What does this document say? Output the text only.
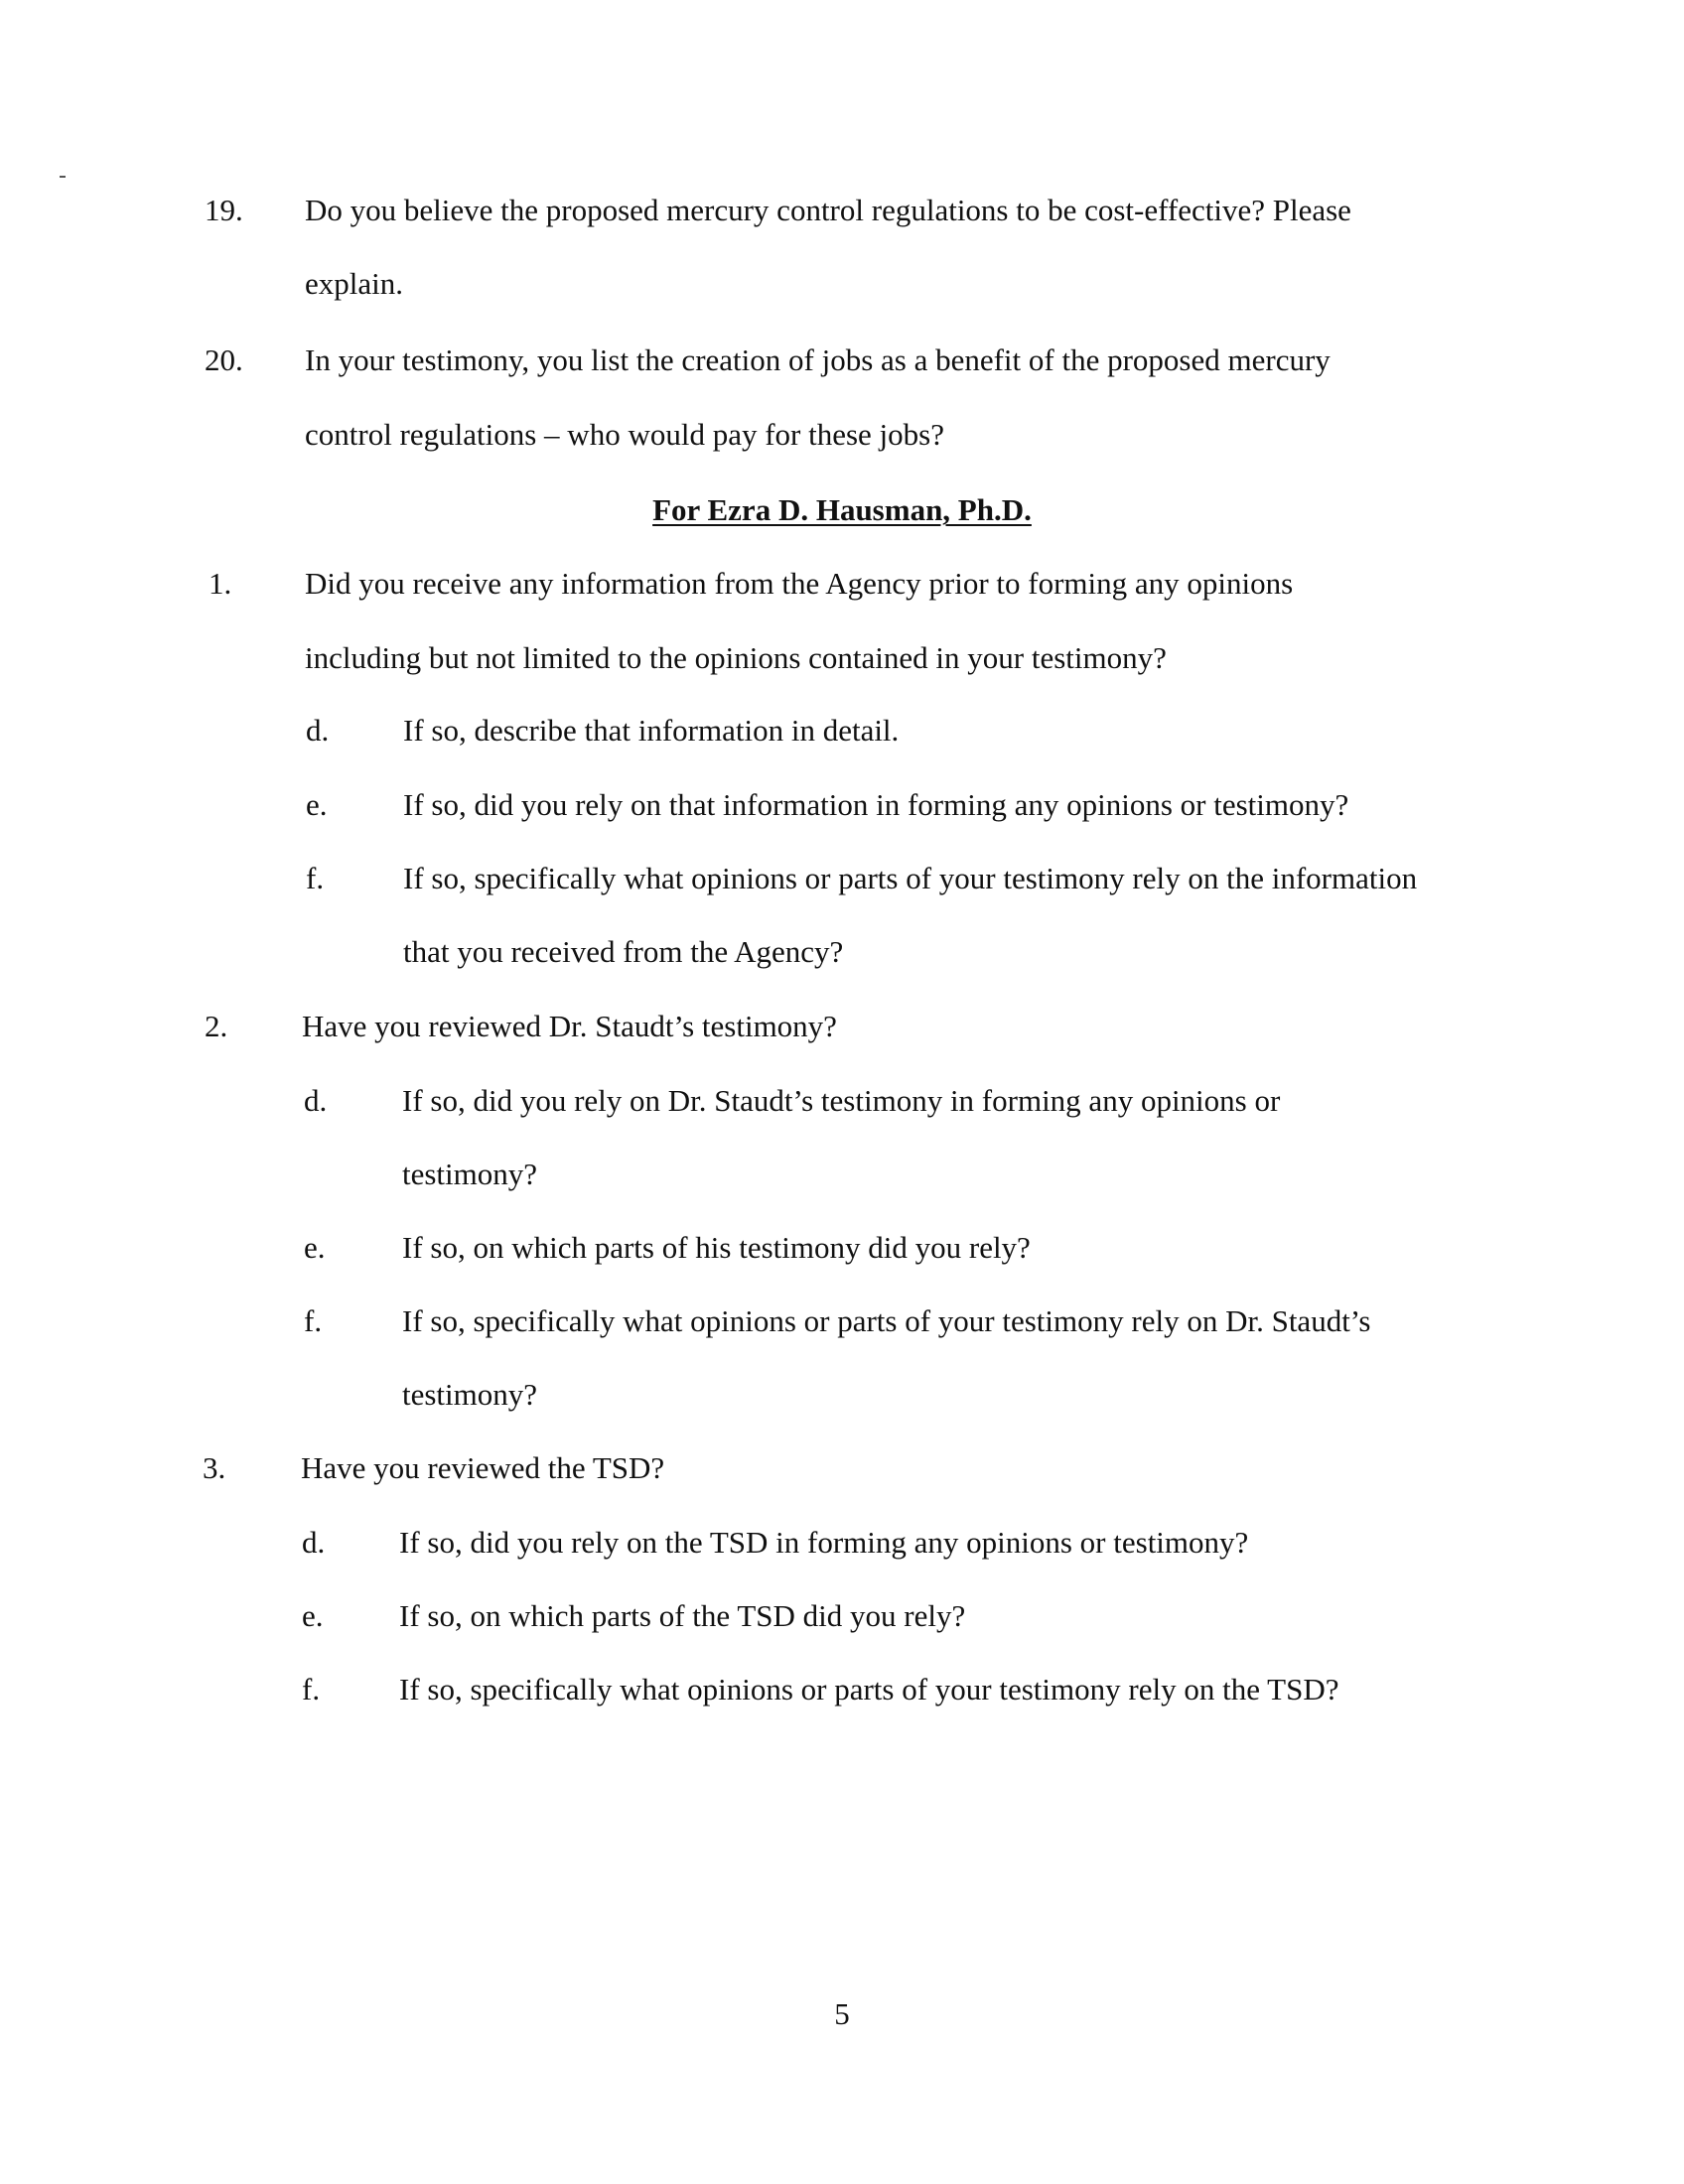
19. Do you believe the proposed mercury control regulations to be cost-effective? Please
explain.
20. In your testimony, you list the creation of jobs as a benefit of the proposed mercury
control regulations – who would pay for these jobs?
For Ezra D. Hausman, Ph.D.
1. Did you receive any information from the Agency prior to forming any opinions
including but not limited to the opinions contained in your testimony?
d. If so, describe that information in detail.
e. If so, did you rely on that information in forming any opinions or testimony?
f.	If so, specifically what opinions or parts of your testimony rely on the information
that you received from the Agency?
2. Have you reviewed Dr. Staudt’s testimony?
d. If so, did you rely on Dr. Staudt’s testimony in forming any opinions or
testimony?
e. If so, on which parts of his testimony did you rely?
f.	If so, specifically what opinions or parts of your testimony rely on Dr. Staudt’s
testimony?
3. Have you reviewed the TSD?
d. If so, did you rely on the TSD in forming any opinions or testimony?
e. If so, on which parts of the TSD did you rely?
f.	If so, specifically what opinions or parts of your testimony rely on the TSD?
5
